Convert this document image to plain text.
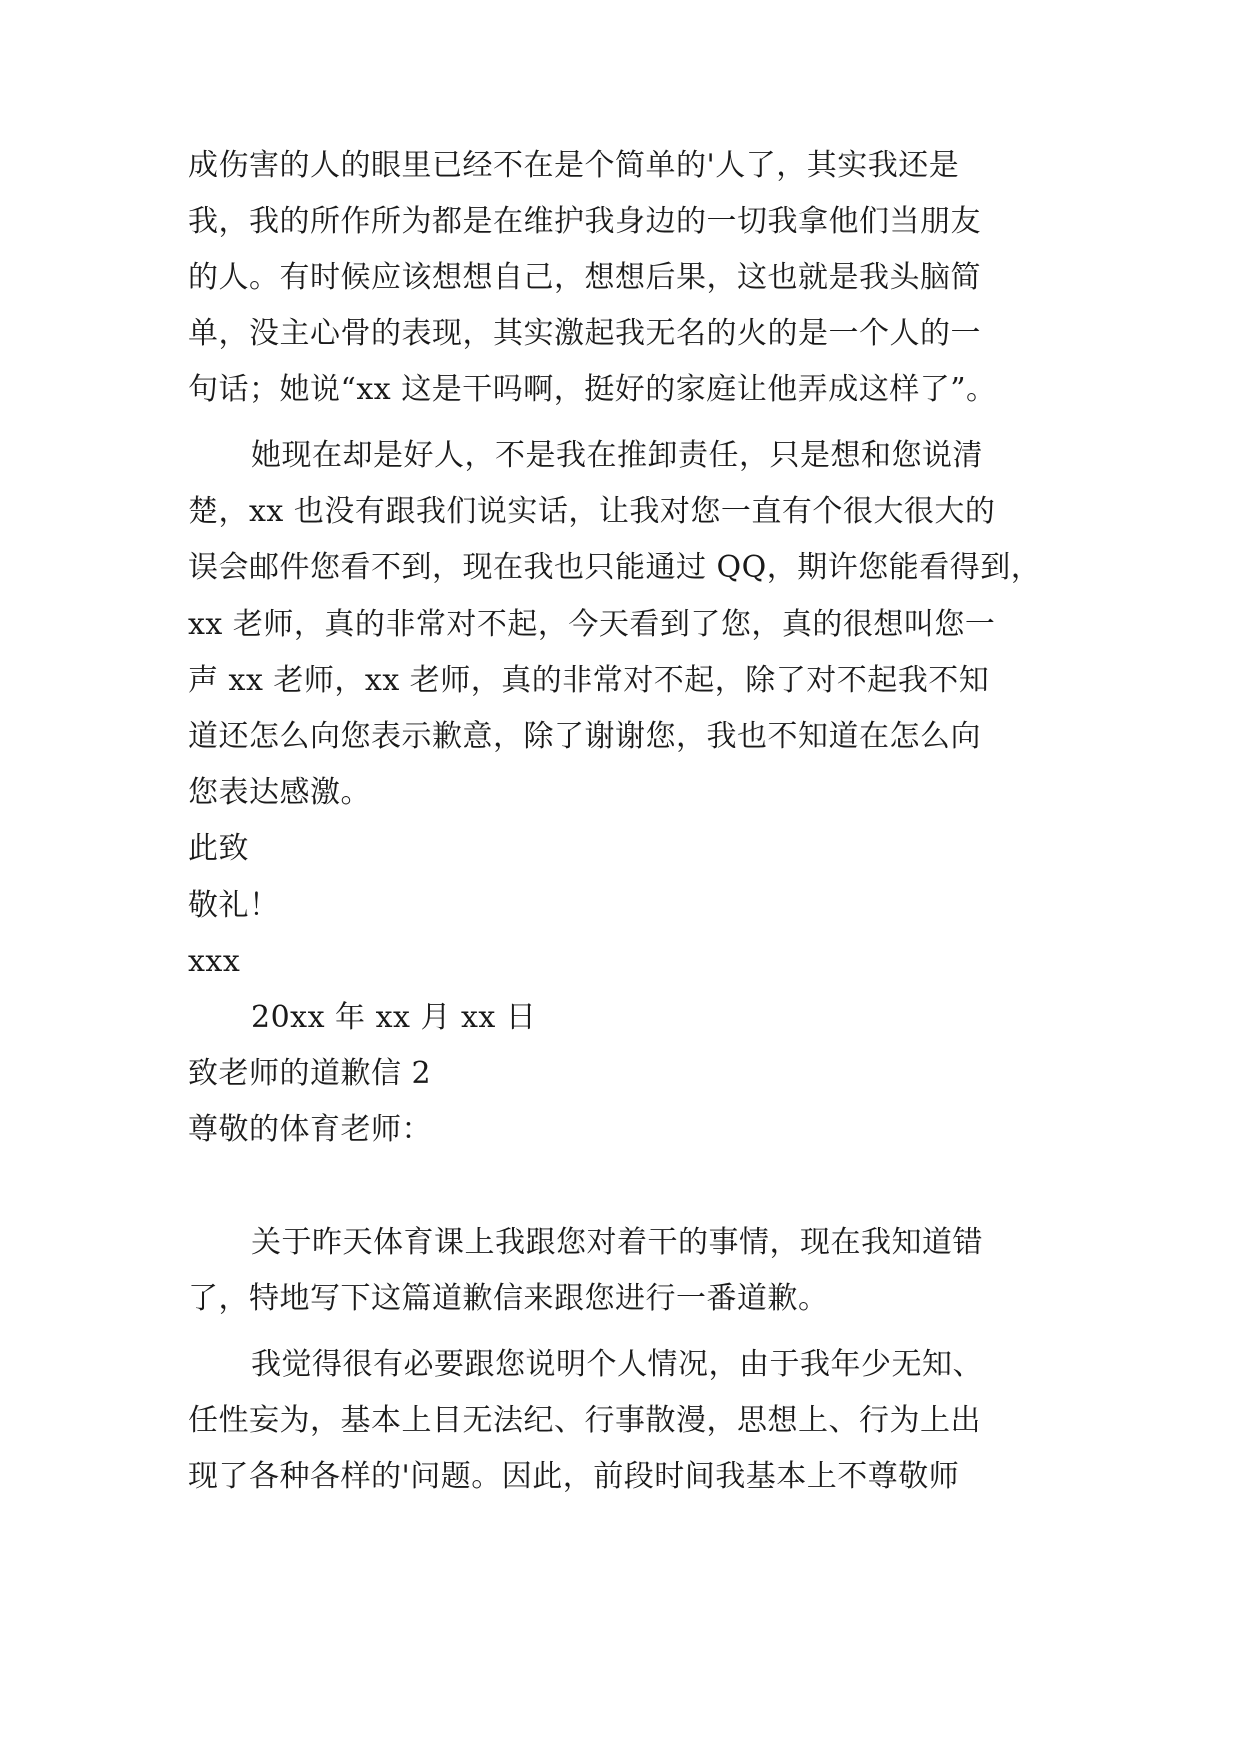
成伤害的人的眼里已经不在是个简单的'人了，其实我还是
我，我的所作所为都是在维护我身边的一切我拿他们当朋友
的人。有时候应该想想自己，想想后果，这也就是我头脑简
单，没主心骨的表现，其实激起我无名的火的是一个人的一
句话；她说“xx 这是干吗啊，挺好的家庭让他弄成这样了”。
她现在却是好人，不是我在推卸责任，只是想和您说清
楚，xx 也没有跟我们说实话，让我对您一直有个很大很大的
误会邮件您看不到，现在我也只能通过 QQ，期许您能看得到，
xx 老师，真的非常对不起，今天看到了您，真的很想叫您一
声 xx 老师，xx 老师，真的非常对不起，除了对不起我不知
道还怎么向您表示歉意，除了谢谢您，我也不知道在怎么向
您表达感激。
此致
敬礼！
xxx
20xx 年 xx 月 xx 日
致老师的道歉信 2
尊敬的体育老师：
关于昨天体育课上我跟您对着干的事情，现在我知道错
了，特地写下这篇道歉信来跟您进行一番道歉。
我觉得很有必要跟您说明个人情况，由于我年少无知、
任性妄为，基本上目无法纪、行事散漫，思想上、行为上出
现了各种各样的'问题。因此，前段时间我基本上不尊敬师
